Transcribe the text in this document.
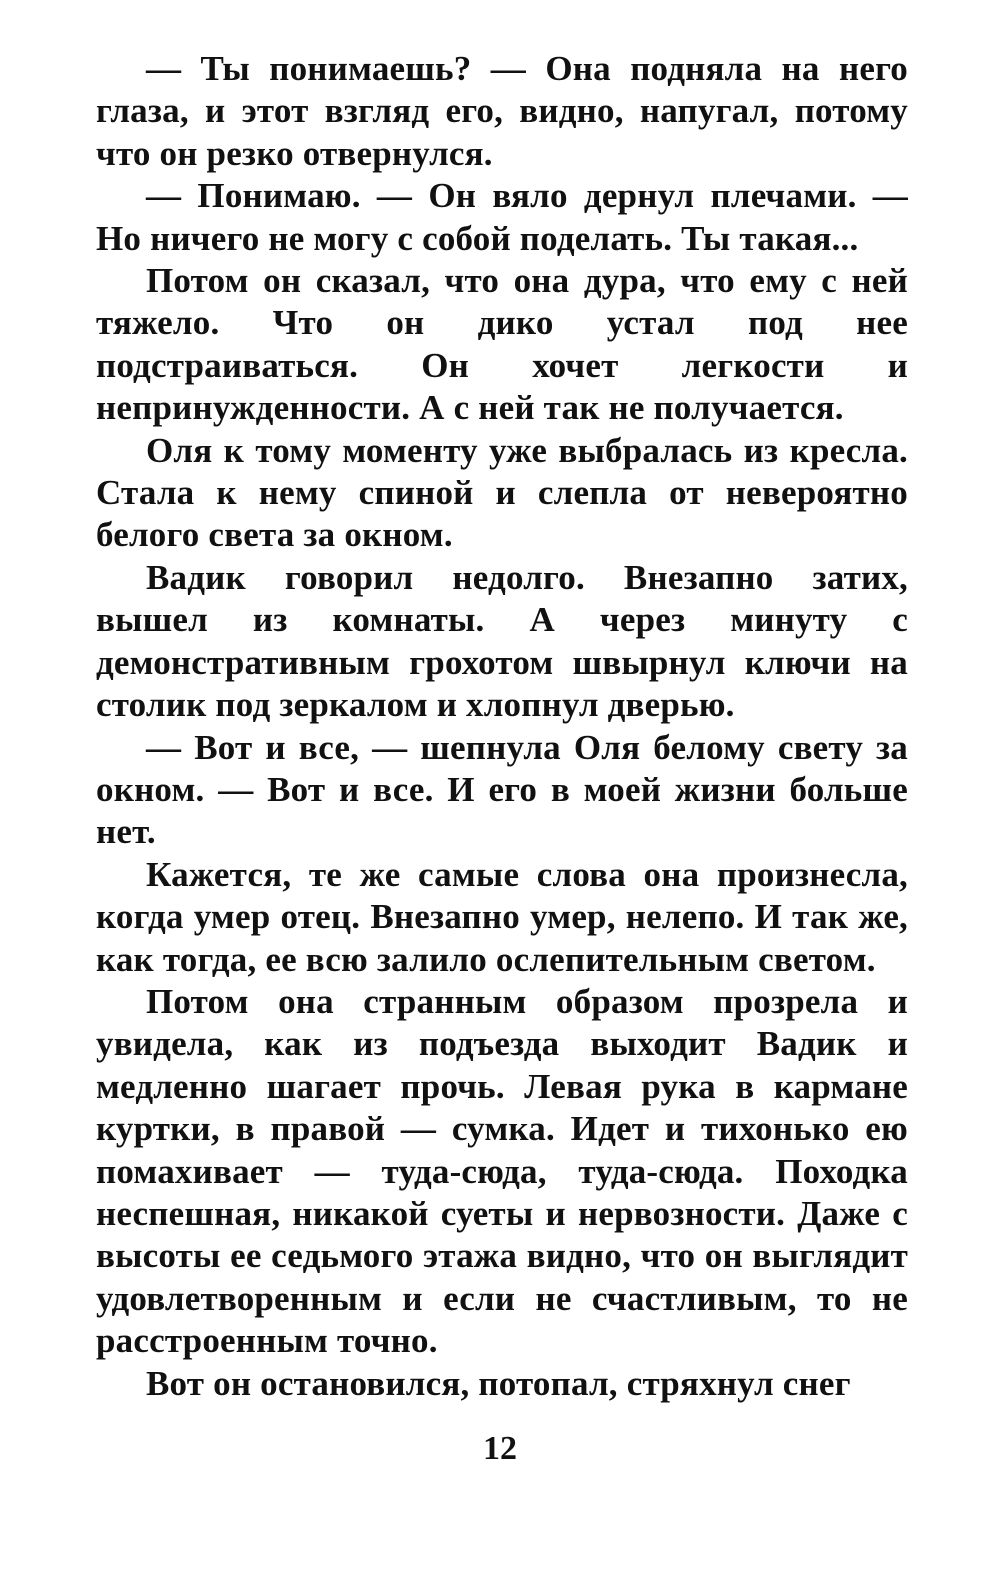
— Ты понимаешь? — Она подняла на него глаза, и этот взгляд его, видно, напугал, потому что он резко отвернулся.

— Понимаю. — Он вяло дернул плечами. — Но ничего не могу с собой поделать. Ты такая...

Потом он сказал, что она дура, что ему с ней тяжело. Что он дико устал под нее подстраиваться. Он хочет легкости и непринужденности. А с ней так не получается.

Оля к тому моменту уже выбралась из кресла. Стала к нему спиной и слепла от невероятно белого света за окном.

Вадик говорил недолго. Внезапно затих, вышел из комнаты. А через минуту с демонстративным грохотом швырнул ключи на столик под зеркалом и хлопнул дверью.

— Вот и все, — шепнула Оля белому свету за окном. — Вот и все. И его в моей жизни больше нет.

Кажется, те же самые слова она произнесла, когда умер отец. Внезапно умер, нелепо. И так же, как тогда, ее всю залило ослепительным светом.

Потом она странным образом прозрела и увидела, как из подъезда выходит Вадик и медленно шагает прочь. Левая рука в кармане куртки, в правой — сумка. Идет и тихонько ею помахивает — туда-сюда, туда-сюда. Походка неспешная, никакой суеты и нервозности. Даже с высоты ее седьмого этажа видно, что он выглядит удовлетворенным и если не счастливым, то не расстроенным точно.

Вот он остановился, потопал, стряхнул снег

12
